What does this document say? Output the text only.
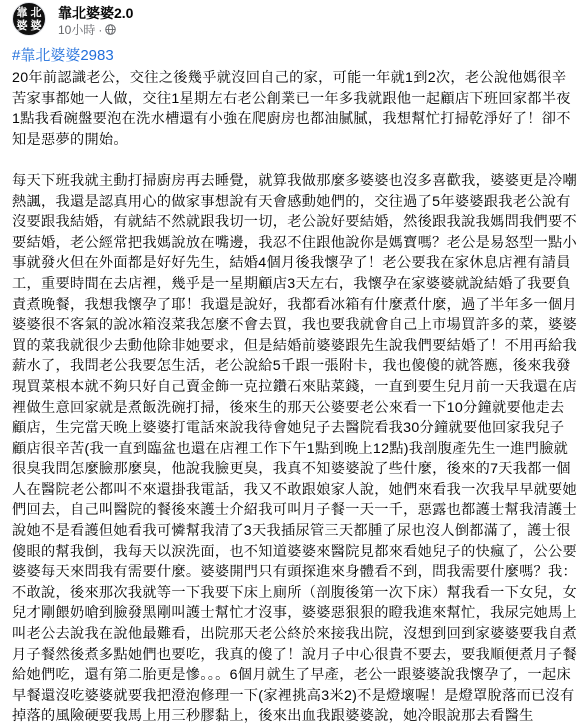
靠 北
婆 婆
靠北婆婆2.0
10小時 ·
#靠北婆婆2983

20年前認識老公，交往之後幾乎就沒回自己的家，可能一年就1到2次，老公說他媽很辛苦家事都她一人做，交往1星期左右老公創業已一年多我就跟他一起顧店下班回家都半夜1點我看碗盤要泡在洗水槽還有小強在爬廚房也都油膩膩，我想幫忙打掃乾淨好了！卻不知是惡夢的開始。

每天下班我就主動打掃廚房再去睡覺，就算我做那麼多婆婆也沒多喜歡我，婆婆更是冷嘲熱諷，我還是認真用心的做家事想說有天會感動她們的，交往過了5年婆婆跟我老公說有沒要跟我結婚，有就結不然就跟我切一切，老公說好要結婚，然後跟我說我媽問我們要不要結婚，老公經常把我媽說放在嘴邊，我忍不住跟他說你是媽寶嗎？老公是易怒型一點小事就發火但在外面都是好好先生，結婚4個月後我懷孕了！老公要我在家休息店裡有請員工，重要時間在去店裡，幾乎是一星期顧店3天左右，我懷孕在家婆婆就說結婚了我要負責煮晚餐，我想我懷孕了耶！我還是說好，我都看冰箱有什麼煮什麼，過了半年多一個月婆婆很不客氣的說冰箱沒菜我怎麼不會去買，我也要我就會自己上市場買許多的菜，婆婆買的菜我就很少去動他除非她要求，但是結婚前婆婆跟先生說我們要結婚了！不用再給我薪水了，我問老公我要怎生活，老公說給5千跟一張附卡，我也傻傻的就答應，後來我發現買菜根本就不夠只好自己賣金飾一克拉鑽石來貼菜錢，一直到要生兒月前一天我還在店裡做生意回家就是煮飯洗碗打掃，後來生的那天公婆要老公來看一下10分鐘就要他走去顧店，生完當天晚上婆婆打電話來說我待會她兒子去醫院看我30分鐘就要他回家我兒子顧店很辛苦(我一直到臨盆也還在店裡工作下午1點到晚上12點)我剖腹產先生一進門臉就很臭我問怎麼臉那麼臭，他說我臉更臭，我真不知婆婆說了些什麼，後來的7天我都一個人在醫院老公都叫不來還掛我電話，我又不敢跟娘家人說，她們來看我一次我早早就要她們回去，自己叫醫院的餐後來護士介紹我可叫月子餐一天一千，惡露也都護士幫我清護士說她不是看護但她看我可憐幫我清了3天我插尿管三天都腫了尿也沒人倒都滿了，護士很傻眼的幫我倒，我每天以淚洗面，也不知道婆婆來醫院見都來看她兒子的快瘋了，公公要婆婆每天來問我有需要什麼。婆婆開門只有頭探進來身體看不到，問我需要什麼嗎？我：不敢說，後來那次我就等一下我要下床上廁所（剖腹後第一次下床）幫我看一下女兒，女兒才剛餵奶嗆到臉發黑剛叫護士幫忙才沒事，婆婆惡狠狠的瞪我進來幫忙，我尿完她馬上叫老公去說我在說他最難看，出院那天老公終於來接我出院，沒想到回到家婆婆要我自煮月子餐然後煮多點她們也要吃，我真的傻了！說月子中心很貴不要去，要我順便煮月子餐給她們吃，還有第二胎更是慘。。。6個月就生了早產，老公一跟婆婆說我懷孕了，一起床早餐還沒吃婆婆就要我把澄泡修理一下(家裡挑高3米2)不是燈壞喔！是燈罩脫落而已沒有掉落的風險硬要我馬上用三秒膠黏上，後來出血我跟婆婆說，她冷眼說那去看醫生
